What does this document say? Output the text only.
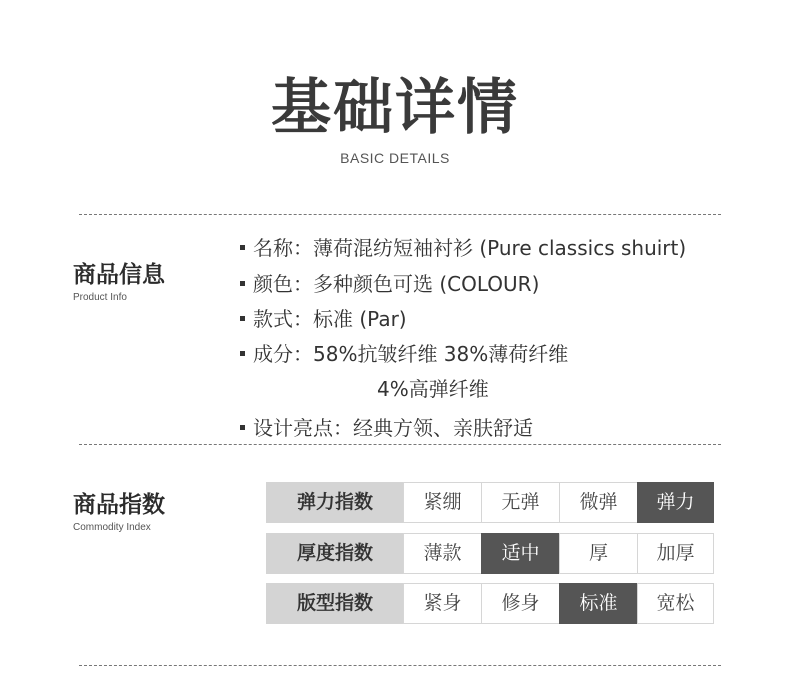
基础详情
BASIC DETAILS
商品信息
Product Info
名称：薄荷混纺短袖衬衫 (Pure classics shuirt)
颜色：多种颜色可选 (COLOUR)
款式：标准 (Par)
成分：58%抗皱纤维 38%薄荷纤维
4%高弹纤维
设计亮点：经典方领、亲肤舒适
商品指数
Commodity Index
弹力指数	紧绷	无弹	微弹	弹力
厚度指数	薄款	适中	厚	加厚
版型指数	紧身	修身	标准	宽松
